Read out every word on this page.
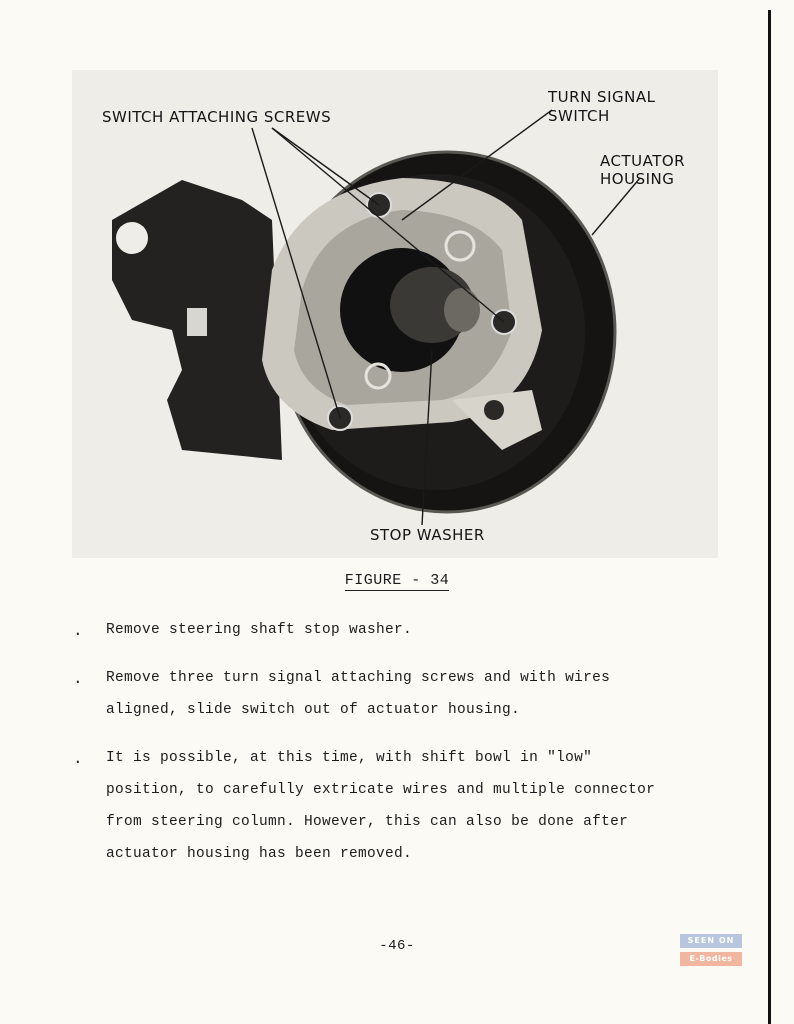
SWITCH ATTACHING SCREWS
TURN SIGNAL
SWITCH
ACTUATOR
HOUSING
STOP WASHER
FIGURE - 34
. Remove steering shaft stop washer.
. Remove three turn signal attaching screws and with wires
aligned, slide switch out of actuator housing.
. It is possible, at this time, with shift bowl in "low"
position, to carefully extricate wires and multiple connector
from steering column. However, this can also be done after
actuator housing has been removed.
-46-	SEEN ON
E-Bodies
